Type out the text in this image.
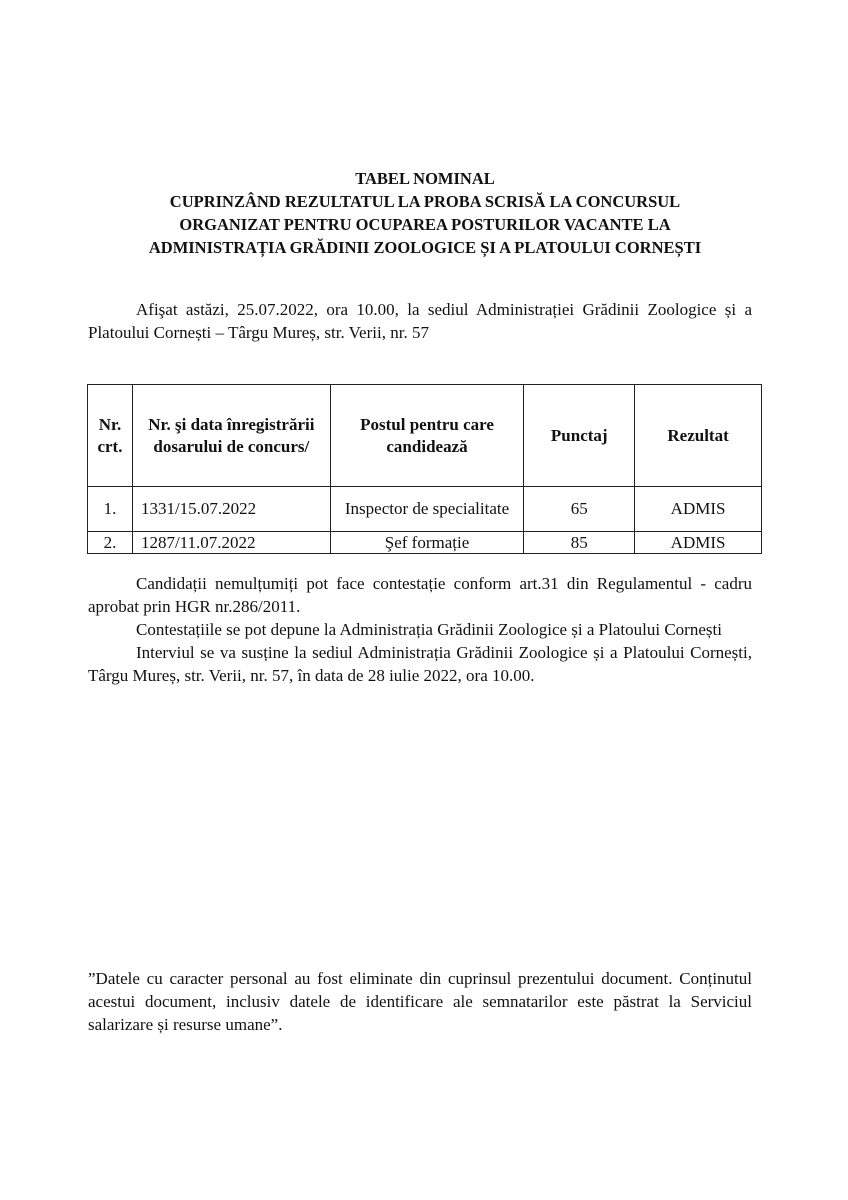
TABEL NOMINAL
CUPRINZÂND REZULTATUL LA PROBA SCRISĂ LA CONCURSUL
ORGANIZAT PENTRU OCUPAREA POSTURILOR VACANTE LA
ADMINISTRAȚIA GRĂDINII ZOOLOGICE ȘI A PLATOULUI CORNEȘTI
Afişat astăzi, 25.07.2022, ora 10.00, la sediul Administrației Grădinii Zoologice și a Platoului Cornești – Târgu Mureș, str. Verii, nr. 57
Nr. crt.	Nr. şi data înregistrării dosarului de concurs/	Postul pentru care candidează	Punctaj	Rezultat
1.	1331/15.07.2022	Inspector de specialitate	65	ADMIS
2.	1287/11.07.2022	Şef formație	85	ADMIS

Candidații nemulțumiți pot face contestație conform art.31 din Regulamentul - cadru aprobat prin HGR nr.286/2011.

Contestațiile se pot depune la Administrația Grădinii Zoologice și a Platoului Cornești

Interviul se va susține la sediul Administrația Grădinii Zoologice și a Platoului Cornești, Târgu Mureș, str. Verii, nr. 57, în data de 28 iulie 2022, ora 10.00.

”Datele cu caracter personal au fost eliminate din cuprinsul prezentului document. Conținutul acestui document, inclusiv datele de identificare ale semnatarilor este păstrat la Serviciul salarizare și resurse umane”.
